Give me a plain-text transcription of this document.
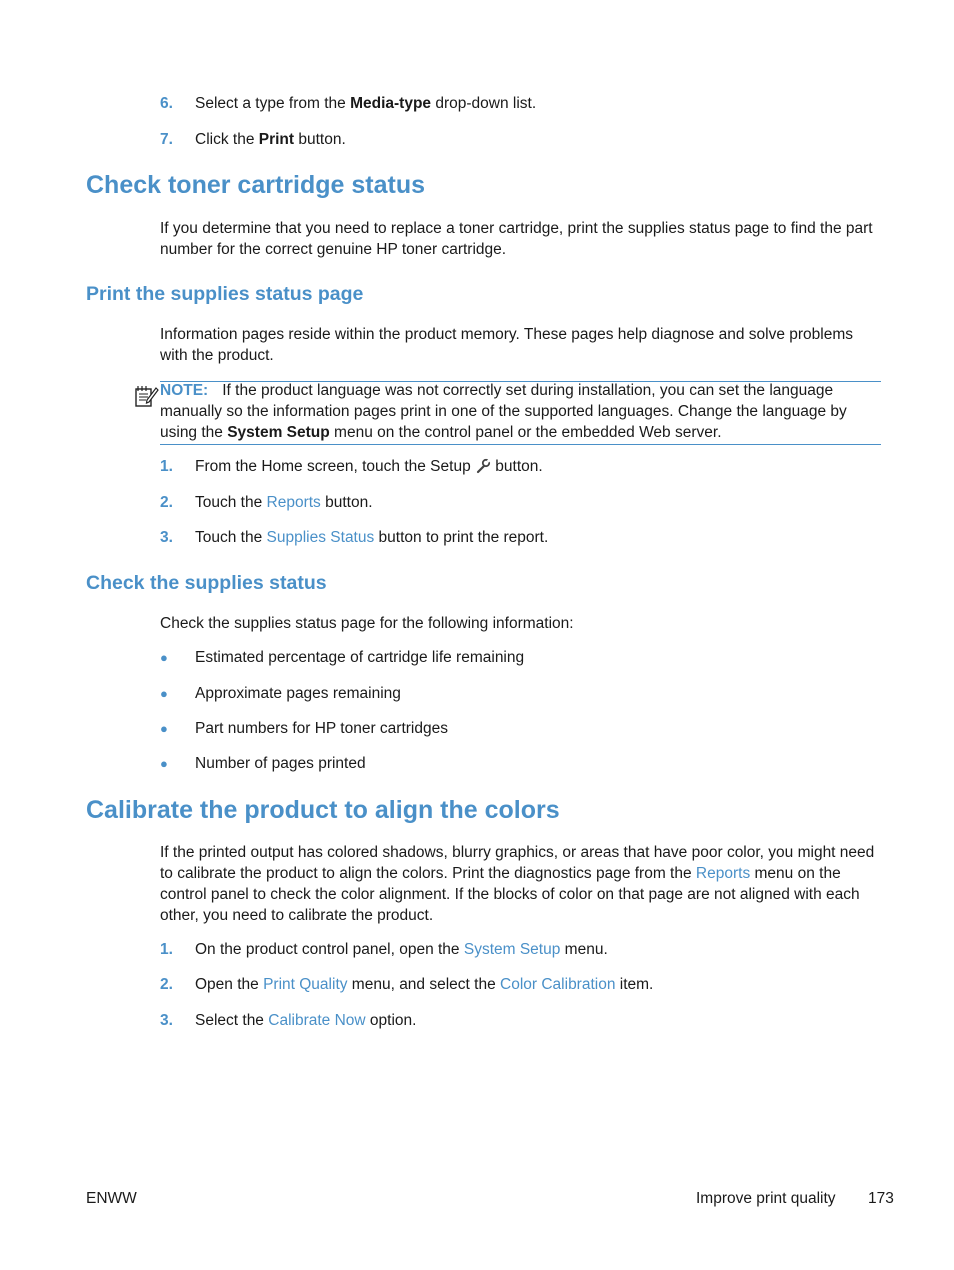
6. Select a type from the Media-type drop-down list.
7. Click the Print button.
Check toner cartridge status

If you determine that you need to replace a toner cartridge, print the supplies status page to find the part number for the correct genuine HP toner cartridge.

Print the supplies status page

Information pages reside within the product memory. These pages help diagnose and solve problems with the product.

NOTE: If the product language was not correctly set during installation, you can set the language manually so the information pages print in one of the supported languages. Change the language by using the System Setup menu on the control panel or the embedded Web server.

1. From the Home screen, touch the Setup  button.
2. Touch the Reports button.
3. Touch the Supplies Status button to print the report.
Check the supplies status

Check the supplies status page for the following information:

● Estimated percentage of cartridge life remaining
● Approximate pages remaining
● Part numbers for HP toner cartridges
● Number of pages printed
Calibrate the product to align the colors

If the printed output has colored shadows, blurry graphics, or areas that have poor color, you might need to calibrate the product to align the colors. Print the diagnostics page from the Reports menu on the control panel to check the color alignment. If the blocks of color on that page are not aligned with each other, you need to calibrate the product.

1. On the product control panel, open the System Setup menu.
2. Open the Print Quality menu, and select the Color Calibration item.
3. Select the Calibrate Now option.
ENWW	Improve print quality 173
